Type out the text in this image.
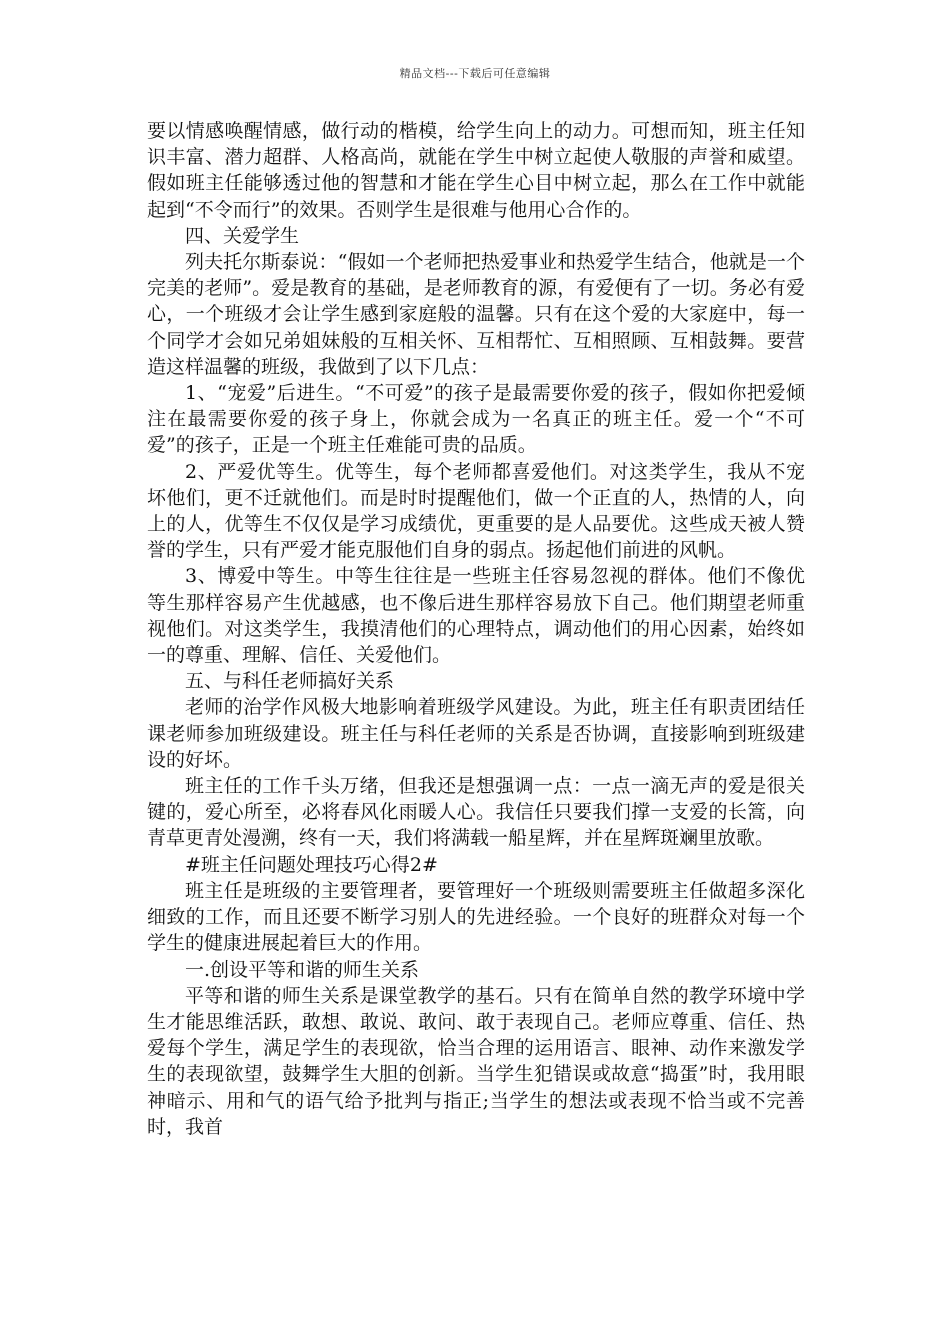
精品文档---下载后可任意编辑

要以情感唤醒情感，做行动的楷模，给学生向上的动力。可想而知，班主任知识丰富、潜力超群、人格高尚，就能在学生中树立起使人敬服的声誉和威望。假如班主任能够透过他的智慧和才能在学生心目中树立起，那么在工作中就能起到“不令而行”的效果。否则学生是很难与他用心合作的。

四、关爱学生

列夫托尔斯泰说：“假如一个老师把热爱事业和热爱学生结合，他就是一个完美的老师”。爱是教育的基础，是老师教育的源，有爱便有了一切。务必有爱心，一个班级才会让学生感到家庭般的温馨。只有在这个爱的大家庭中，每一个同学才会如兄弟姐妹般的互相关怀、互相帮忙、互相照顾、互相鼓舞。要营造这样温馨的班级，我做到了以下几点：

1、“宠爱”后进生。“不可爱”的孩子是最需要你爱的孩子，假如你把爱倾注在最需要你爱的孩子身上，你就会成为一名真正的班主任。爱一个“不可爱”的孩子，正是一个班主任难能可贵的品质。

2、严爱优等生。优等生，每个老师都喜爱他们。对这类学生，我从不宠坏他们，更不迁就他们。而是时时提醒他们，做一个正直的人，热情的人，向上的人，优等生不仅仅是学习成绩优，更重要的是人品要优。这些成天被人赞誉的学生，只有严爱才能克服他们自身的弱点。扬起他们前进的风帆。

3、博爱中等生。中等生往往是一些班主任容易忽视的群体。他们不像优等生那样容易产生优越感，也不像后进生那样容易放下自己。他们期望老师重视他们。对这类学生，我摸清他们的心理特点，调动他们的用心因素，始终如一的尊重、理解、信任、关爱他们。

五、与科任老师搞好关系

老师的治学作风极大地影响着班级学风建设。为此，班主任有职责团结任课老师参加班级建设。班主任与科任老师的关系是否协调，直接影响到班级建设的好坏。

班主任的工作千头万绪，但我还是想强调一点：一点一滴无声的爱是很关键的，爱心所至，必将春风化雨暖人心。我信任只要我们撑一支爱的长篙，向青草更青处漫溯，终有一天，我们将满载一船星辉，并在星辉斑斓里放歌。

#班主任问题处理技巧心得2#

班主任是班级的主要管理者，要管理好一个班级则需要班主任做超多深化细致的工作，而且还要不断学习别人的先进经验。一个良好的班群众对每一个学生的健康进展起着巨大的作用。

一.创设平等和谐的师生关系

平等和谐的师生关系是课堂教学的基石。只有在简单自然的教学环境中学生才能思维活跃，敢想、敢说、敢问、敢于表现自己。老师应尊重、信任、热爱每个学生，满足学生的表现欲，恰当合理的运用语言、眼神、动作来激发学生的表现欲望，鼓舞学生大胆的创新。当学生犯错误或故意“捣蛋”时，我用眼神暗示、用和气的语气给予批判与指正;当学生的想法或表现不恰当或不完善时，我首
